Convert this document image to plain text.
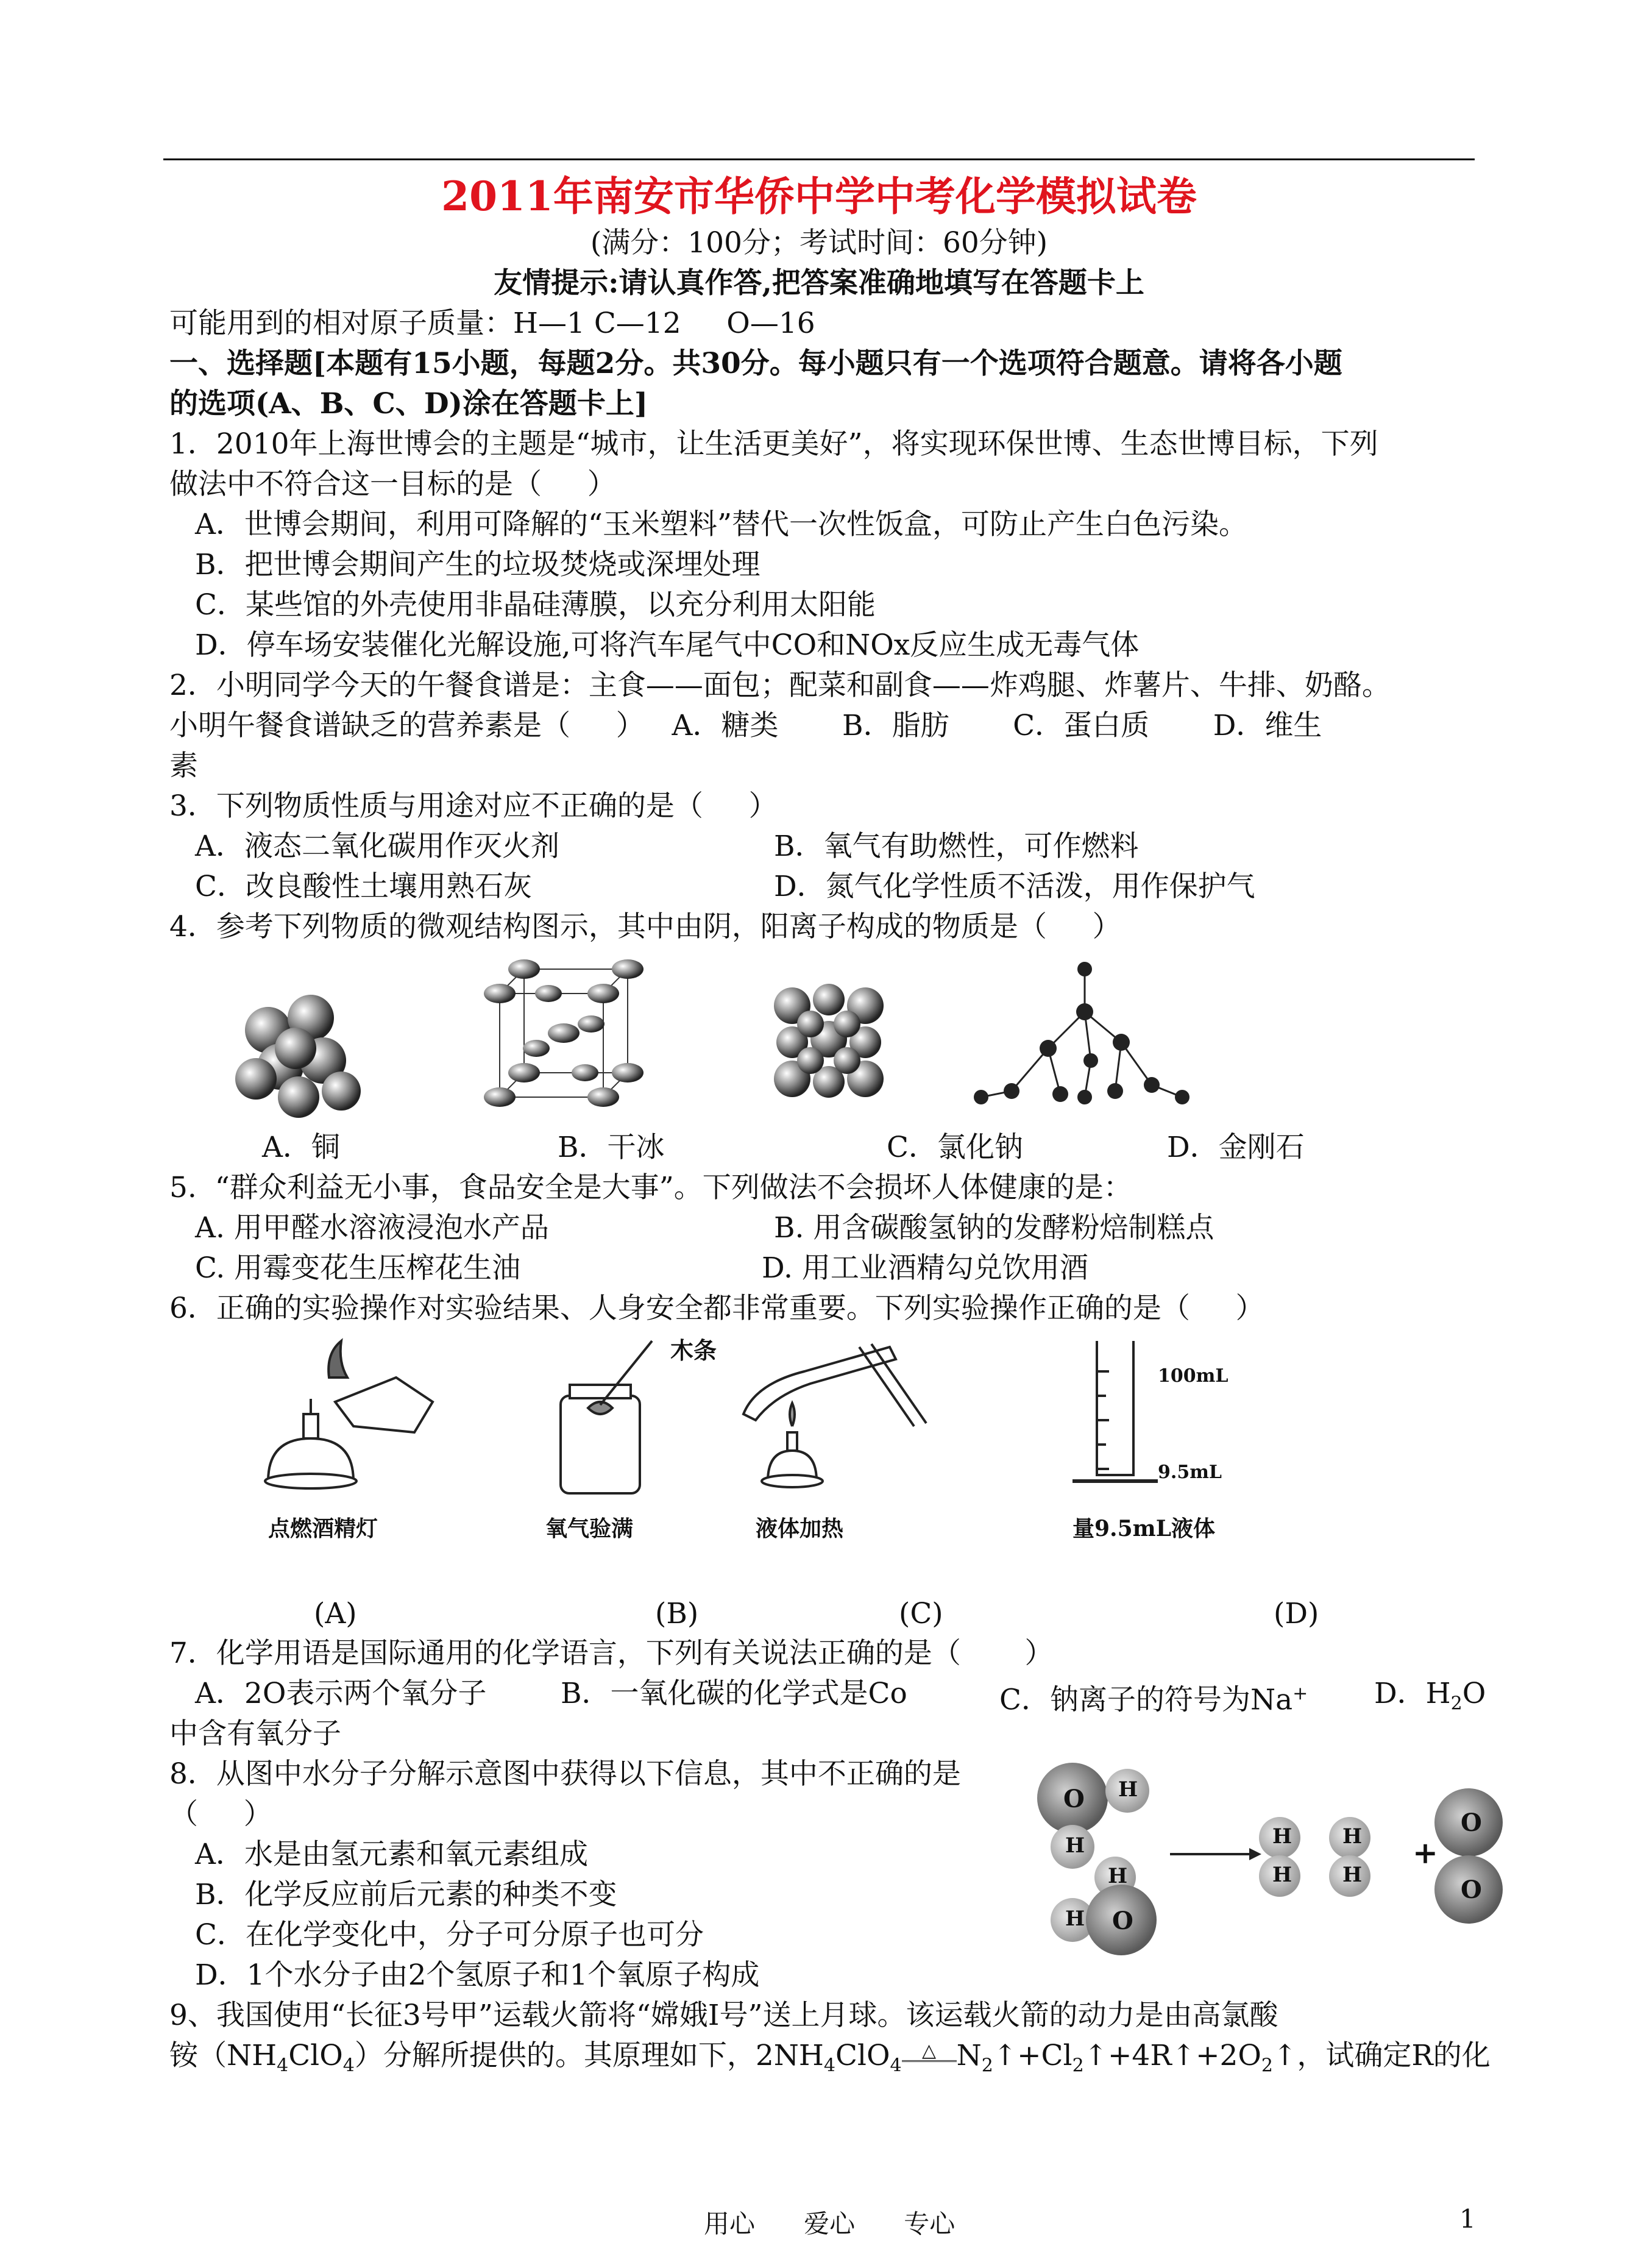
2011年南安市华侨中学中考化学模拟试卷
(满分：100分；考试时间：60分钟)
友情提示:请认真作答,把答案准确地填写在答题卡上
可能用到的相对原子质量：H—1 C—12     O—16
一、选择题[本题有15小题，每题2分。共30分。每小题只有一个选项符合题意。请将各小题
的选项(A、B、C、D)涂在答题卡上]
1．2010年上海世博会的主题是“城市，让生活更美好”，将实现环保世博、生态世博目标，下列
做法中不符合这一目标的是（     ）
A．世博会期间，利用可降解的“玉米塑料”替代一次性饭盒，可防止产生白色污染。
B．把世博会期间产生的垃圾焚烧或深埋处理
C．某些馆的外壳使用非晶硅薄膜，以充分利用太阳能
D．停车场安装催化光解设施,可将汽车尾气中CO和NOx反应生成无毒气体
2．小明同学今天的午餐食谱是：主食——面包；配菜和副食——炸鸡腿、炸薯片、牛排、奶酪。
小明午餐食谱缺乏的营养素是（     ）   A．糖类       B．脂肪       C．蛋白质       D．维生
素
3．下列物质性质与用途对应不正确的是（     ）
A．液态二氧化碳用作灭火剂	B．氧气有助燃性，可作燃料
C．改良酸性土壤用熟石灰	D．氮气化学性质不活泼，用作保护气
4．参考下列物质的微观结构图示，其中由阴，阳离子构成的物质是（     ）
A．铜	B．干冰	C．氯化钠	D．金刚石
5.  “群众利益无小事，食品安全是大事”。下列做法不会损坏人体健康的是：
A. 用甲醛水溶液浸泡水产品	B. 用含碳酸氢钠的发酵粉焙制糕点
C. 用霉变花生压榨花生油	D. 用工业酒精勾兑饮用酒
6．正确的实验操作对实验结果、人身安全都非常重要。下列实验操作正确的是（     ）
木条
100mL
9.5mL
点燃酒精灯	氧气验满	液体加热	量9.5mL液体
(A)	(B)	(C)	(D)
7．化学用语是国际通用的化学语言，下列有关说法正确的是（       ）
A．2O表示两个氧分子	B．一氧化碳的化学式是Co	C．钠离子的符号为Na+ D．$H_2O$
中含有氧分子
8．从图中水分子分解示意图中获得以下信息，其中不正确的是
（     ）
A．水是由氢元素和氧元素组成
B．化学反应前后元素的种类不变
C．在化学变化中，分子可分原子也可分
D．1个水分子由2个氢原子和1个氧原子构成
O H
H
H
H O
H
H
H
H
+
O
O
9、我国使用“长征3号甲”运载火箭将“嫦娥Ⅰ号”送上月球。该运载火箭的动力是由高氯酸
铵$(NH_4ClO_4)$分解所提供的。其原理如下，$2NH_4ClO_4\triangle$ $N_2↑+Cl_2↑+4R↑+2O_2↑$，试确定R的化
用心      爱心      专心	1
